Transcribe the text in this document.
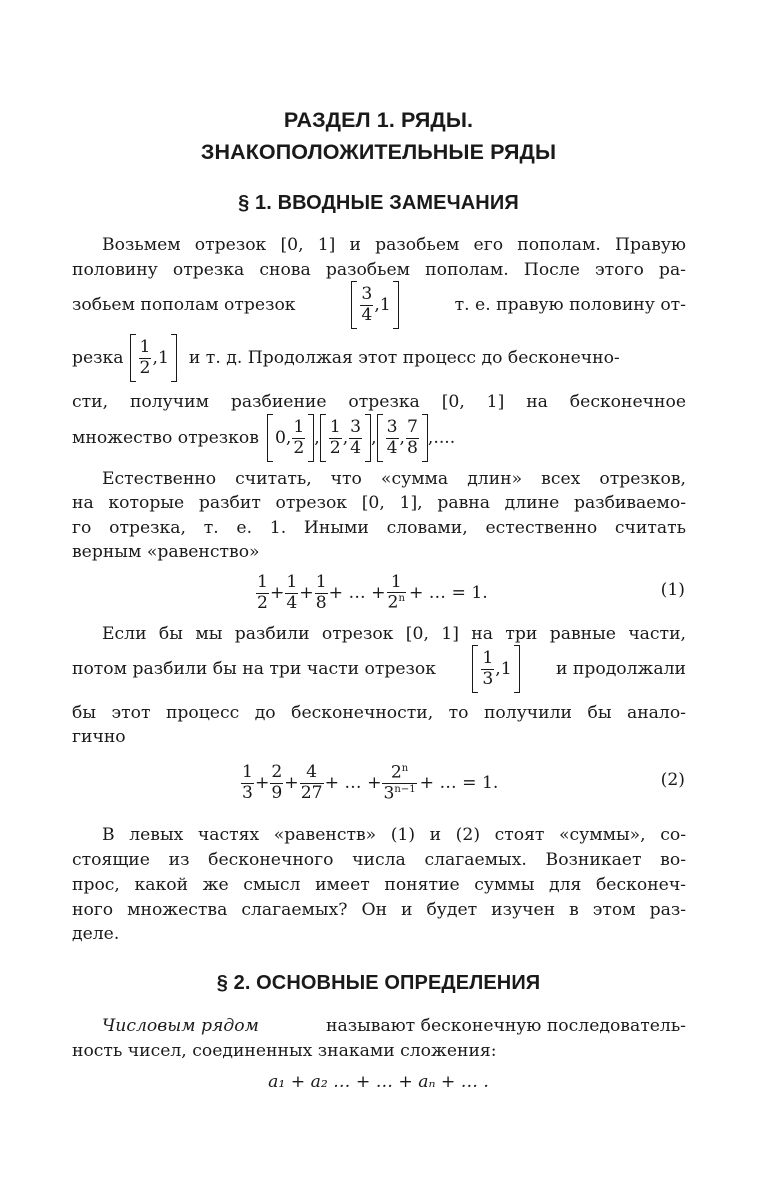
РАЗДЕЛ 1. РЯДЫ.
ЗНАКОПОЛОЖИТЕЛЬНЫЕ РЯДЫ
§ 1. ВВОДНЫЕ ЗАМЕЧАНИЯ
Возьмем отрезок [0, 1] и разобьем его пополам. Правую
половину отрезка снова разобьем пополам. После этого ра-
зобьем пополам отрезок
3
4 ,1	т. е. правую половину от-
резка
1
2 ,1	и т. д. Продолжая этот процесс до бесконечно-
сти, получим разбиение отрезка [0, 1] на бесконечное
множество отрезков 0,
1
2 ,
1
2 ,
3
4 ,
3
4 ,
7
8 ,....
Естественно считать, что «сумма длин» всех отрезков,
на которые разбит отрезок [0, 1], равна длине разбиваемо-
го отрезка, т. е. 1. Иными словами, естественно считать
верным «равенство»
1
2 +
1
4 +
1
8 + … +
1
$2^n$ + … = 1.	(1)
Если бы мы разбили отрезок [0, 1] на три равные части,
потом разбили бы на три части отрезок
1
3 ,1	и продолжали
бы этот процесс до бесконечности, то получили бы анало-
гично
1
3 +
2
9 +
4
27 + … +
$2^n$
$3^{n-1}$ + … = 1.	(2)
В левых частях «равенств» (1) и (2) стоят «суммы», со-
стоящие из бесконечного числа слагаемых. Возникает во-
прос, какой же смысл имеет понятие суммы для бесконеч-
ного множества слагаемых? Он и будет изучен в этом раз-
деле.
§ 2. ОСНОВНЫЕ ОПРЕДЕЛЕНИЯ
Числовым рядом	называют бесконечную последователь-
ность чисел, соединенных знаками сложения:
a₁ + a₂ … + … + aₙ + … .
